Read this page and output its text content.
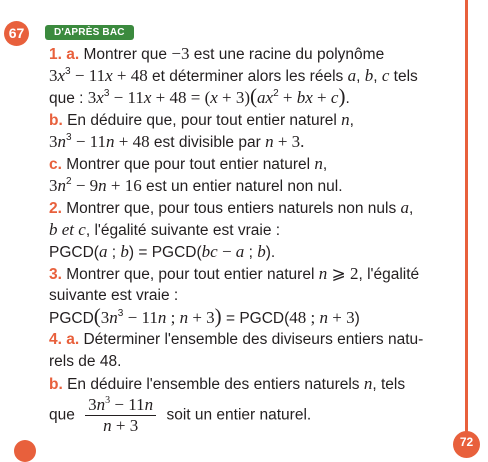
67	D'APRÈS BAC
1. a. Montrer que −3 est une racine du polynôme
$3x^3 - 11x + 48$ et déterminer alors les réels a, b, c tels
que : $3x^3 - 11x + 48 = (x + 3)(ax^2$ + bx + c).
b. En déduire que, pour tout entier naturel n,
$3n^3 - 11n + 48$ est divisible par n + 3.
c. Montrer que pour tout entier naturel n,
$3n^2 - 9n + 16$ est un entier naturel non nul.
2. Montrer que, pour tous entiers naturels non nuls a,
b et c, l'égalité suivante est vraie :
PGCD(a ; b) = PGCD(bc − a ; b).
3. Montrer que, pour tout entier naturel n ⩾ 2, l'égalité
suivante est vraie :
$PGCD(3n^3 - 11n$ ; n + 3) = PGCD(48 ; n + 3)
4. a. Déterminer l'ensemble des diviseurs entiers natu-
rels de 48.
b. En déduire l'ensemble des entiers naturels n, tels
que $\frac{3n^3 - 11n}{n + 3}$ soit un entier naturel.
72
